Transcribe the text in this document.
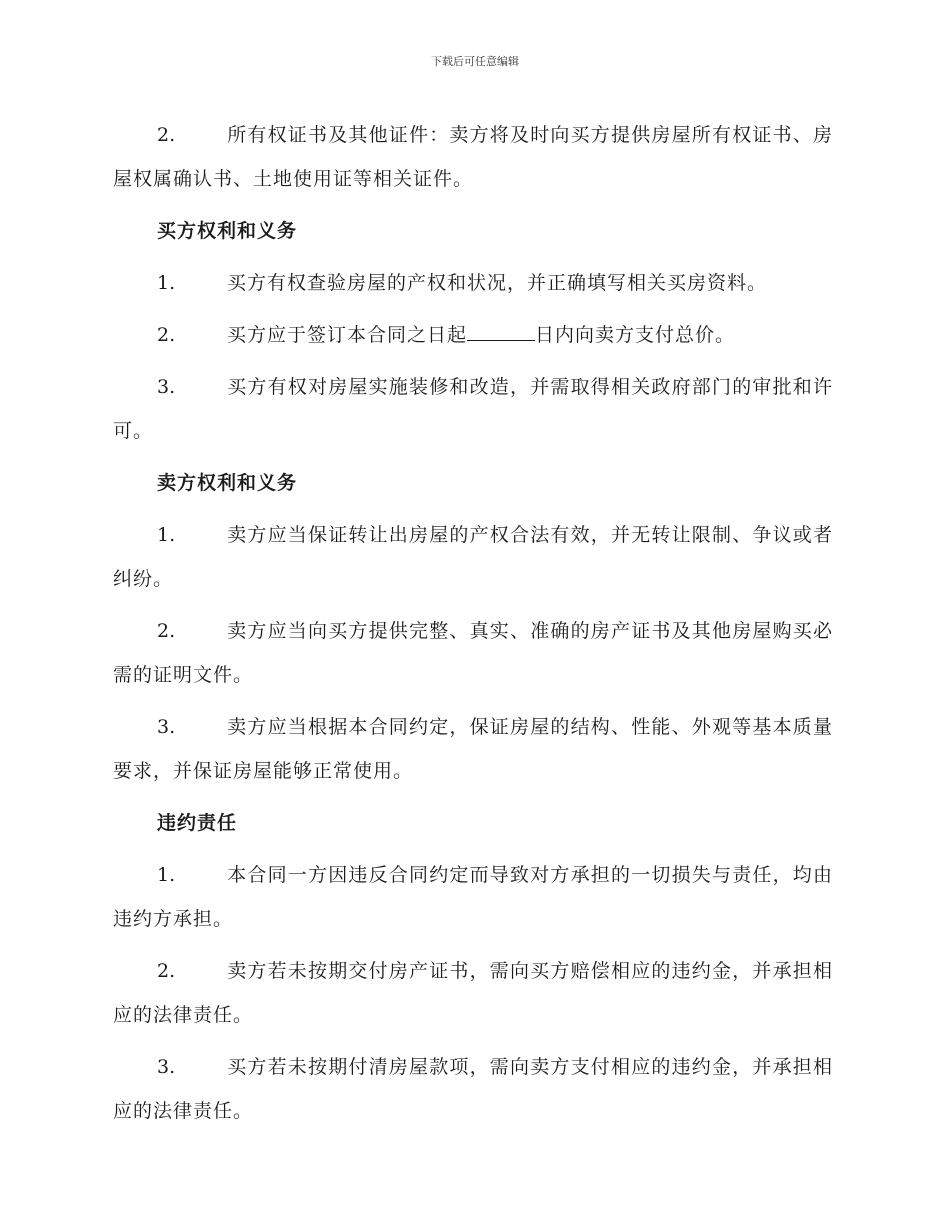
下载后可任意编辑

2.	所有权证书及其他证件：卖方将及时向买方提供房屋所有权证书、房屋权属确认书、土地使用证等相关证件。

买方权利和义务

1.	买方有权查验房屋的产权和状况，并正确填写相关买房资料。

2.	买方应于签订本合同之日起	日内向卖方支付总价。

3.	买方有权对房屋实施装修和改造，并需取得相关政府部门的审批和许可。

卖方权利和义务

1.	卖方应当保证转让出房屋的产权合法有效，并无转让限制、争议或者纠纷。

2.	卖方应当向买方提供完整、真实、准确的房产证书及其他房屋购买必需的证明文件。

3.	卖方应当根据本合同约定，保证房屋的结构、性能、外观等基本质量要求，并保证房屋能够正常使用。

违约责任

1.	本合同一方因违反合同约定而导致对方承担的一切损失与责任，均由违约方承担。

2.	卖方若未按期交付房产证书，需向买方赔偿相应的违约金，并承担相应的法律责任。

3.	买方若未按期付清房屋款项，需向卖方支付相应的违约金，并承担相应的法律责任。
